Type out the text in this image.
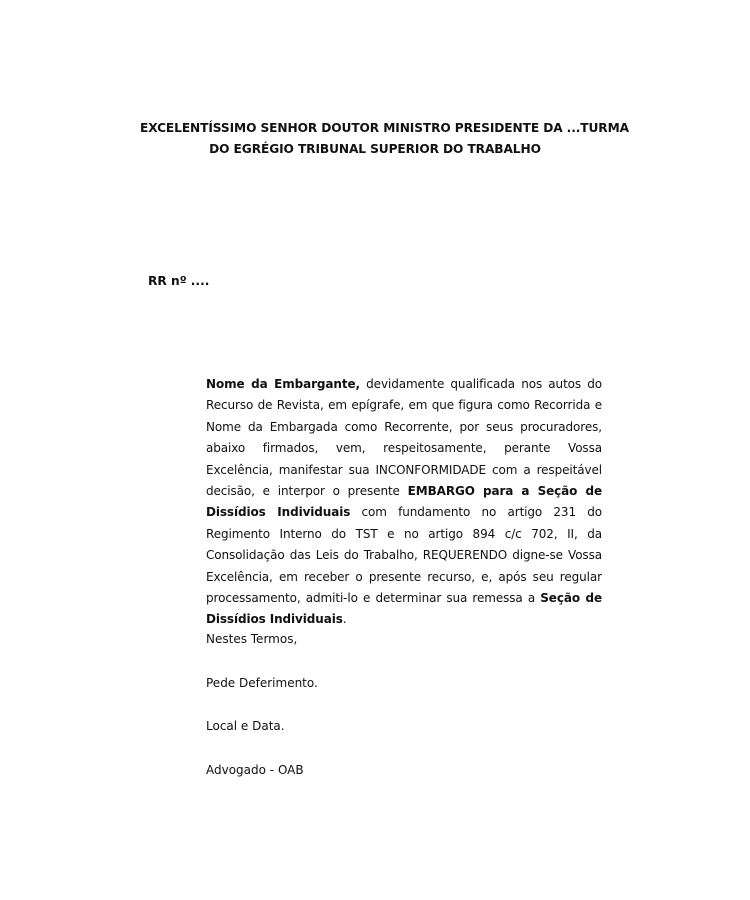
EXCELENTÍSSIMO SENHOR DOUTOR MINISTRO PRESIDENTE DA ...TURMA
DO EGRÉGIO TRIBUNAL SUPERIOR DO TRABALHO
RR nº ....
Nome da Embargante, devidamente qualificada nos autos do Recurso de Revista, em epígrafe, em que figura como Recorrida e Nome da Embargada como Recorrente, por seus procuradores, abaixo firmados, vem, respeitosamente, perante Vossa Excelência, manifestar sua INCONFORMIDADE com a respeitável decisão, e interpor o presente EMBARGO para a Seção de Dissídios Individuais com fundamento no artigo 231 do Regimento Interno do TST e no artigo 894 c/c 702, II, da Consolidação das Leis do Trabalho, REQUERENDO digne-se Vossa Excelência, em receber o presente recurso, e, após seu regular processamento, admiti-lo e determinar sua remessa a Seção de Dissídios Individuais.
Nestes Termos,
Pede Deferimento.
Local e Data.
Advogado - OAB
